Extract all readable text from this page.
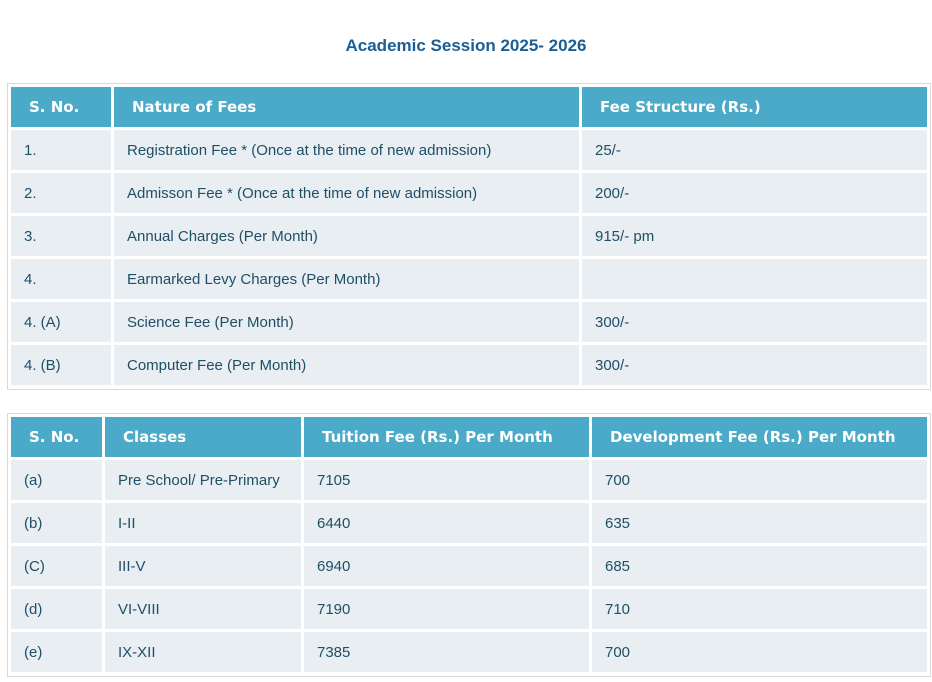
Academic Session 2025- 2026
S. No.	Nature of Fees	Fee Structure (Rs.)
1.	Registration Fee * (Once at the time of new admission)	25/-
2.	Admisson Fee * (Once at the time of new admission)	200/-
3.	Annual Charges (Per Month)	915/- pm
4.	Earmarked Levy Charges (Per Month)	
4. (A)	Science Fee (Per Month)	300/-
4. (B)	Computer Fee (Per Month)	300/-
S. No.	Classes	Tuition Fee (Rs.) Per Month	Development Fee (Rs.) Per Month
(a)	Pre School/ Pre-Primary	7105	700
(b)	I-II	6440	635
(C)	III-V	6940	685
(d)	VI-VIII	7190	710
(e)	IX-XII	7385	700
